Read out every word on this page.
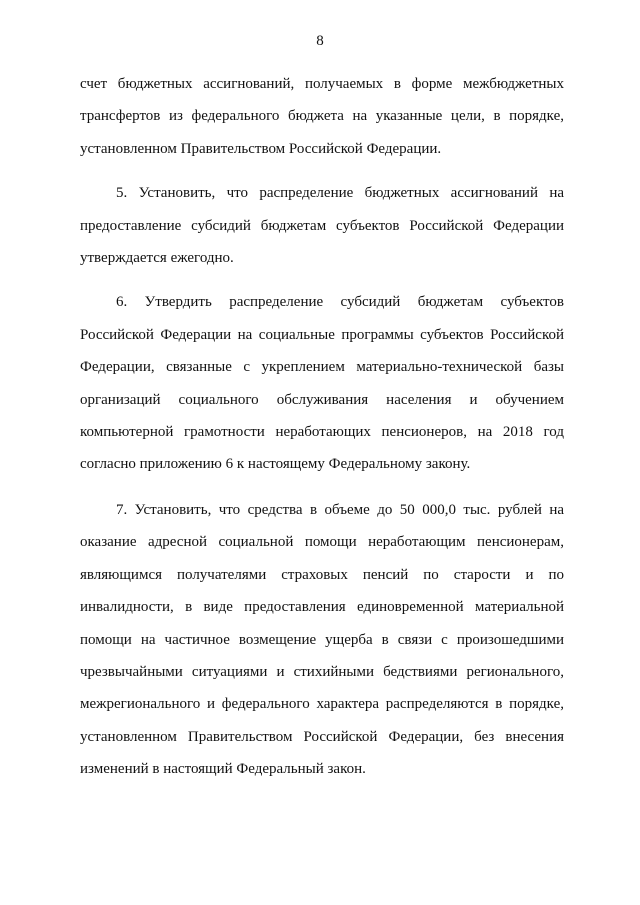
8

счет бюджетных ассигнований, получаемых в форме межбюджетных трансфертов из федерального бюджета на указанные цели, в порядке, установленном Правительством Российской Федерации.

5. Установить, что распределение бюджетных ассигнований на предоставление субсидий бюджетам субъектов Российской Федерации утверждается ежегодно.

6. Утвердить распределение субсидий бюджетам субъектов Российской Федерации на социальные программы субъектов Российской Федерации, связанные с укреплением материально-технической базы организаций социального обслуживания населения и обучением компьютерной грамотности неработающих пенсионеров, на 2018 год согласно приложению 6 к настоящему Федеральному закону.

7. Установить, что средства в объеме до 50 000,0 тыс. рублей на оказание адресной социальной помощи неработающим пенсионерам, являющимся получателями страховых пенсий по старости и по инвалидности, в виде предоставления единовременной материальной помощи на частичное возмещение ущерба в связи с произошедшими чрезвычайными ситуациями и стихийными бедствиями регионального, межрегионального и федерального характера распределяются в порядке, установленном Правительством Российской Федерации, без внесения изменений в настоящий Федеральный закон.
